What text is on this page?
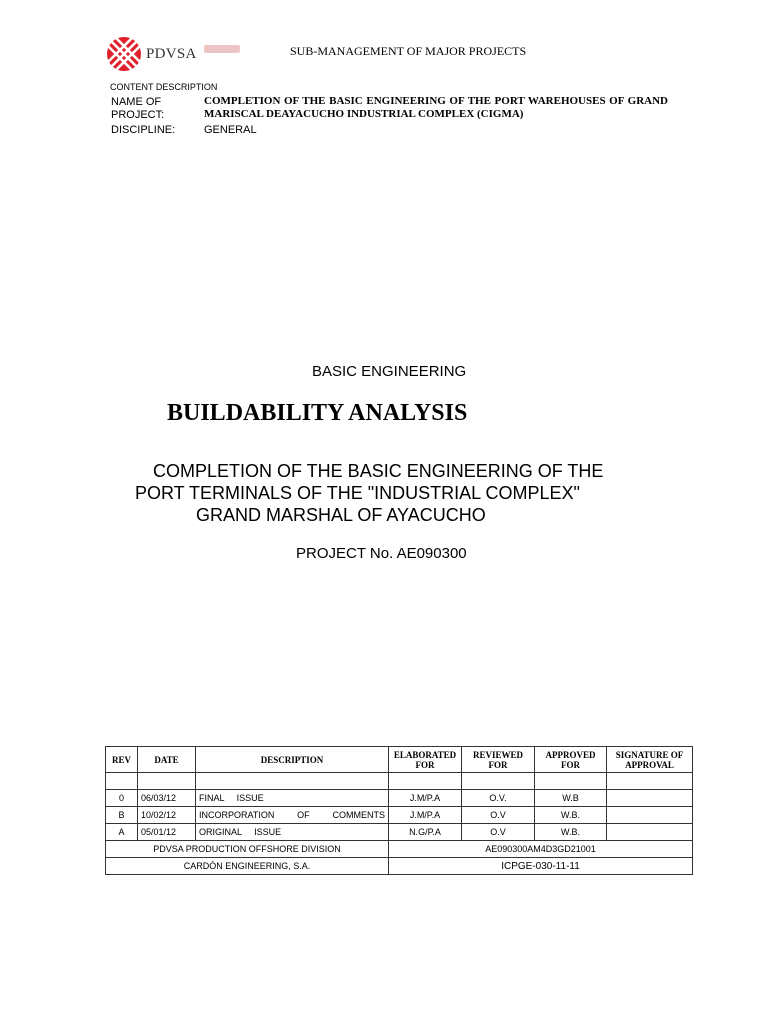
PDVSA	SUB-MANAGEMENT OF MAJOR PROJECTS
CONTENT DESCRIPTION
NAME OF PROJECT:
COMPLETION OF THE BASIC ENGINEERING OF THE PORT WAREHOUSES OF GRAND MARISCAL DEAYACUCHO INDUSTRIAL COMPLEX (CIGMA)
DISCIPLINE:	GENERAL
BASIC ENGINEERING
BUILDABILITY ANALYSIS
COMPLETION OF THE BASIC ENGINEERING OF THE
PORT TERMINALS OF THE "INDUSTRIAL COMPLEX"
GRAND MARSHAL OF AYACUCHO
PROJECT No. AE090300
REV	DATE	DESCRIPTION	ELABORATED FOR	REVIEWED FOR	APPROVED FOR	SIGNATURE OF APPROVAL

0	06/03/12	FINAL ISSUE	J.M/P.A	O.V.	W.B	
B	10/02/12	INCORPORATION OF COMMENTS	J.M/P.A	O.V	W.B.	
A	05/01/12	ORIGINAL ISSUE	N.G/P.A	O.V	W.B.	
PDVSA PRODUCTION OFFSHORE DIVISION			AE090300AM4D3GD21001			
CARDÓN ENGINEERING, S.A.			ICPGE-030-11-11			
